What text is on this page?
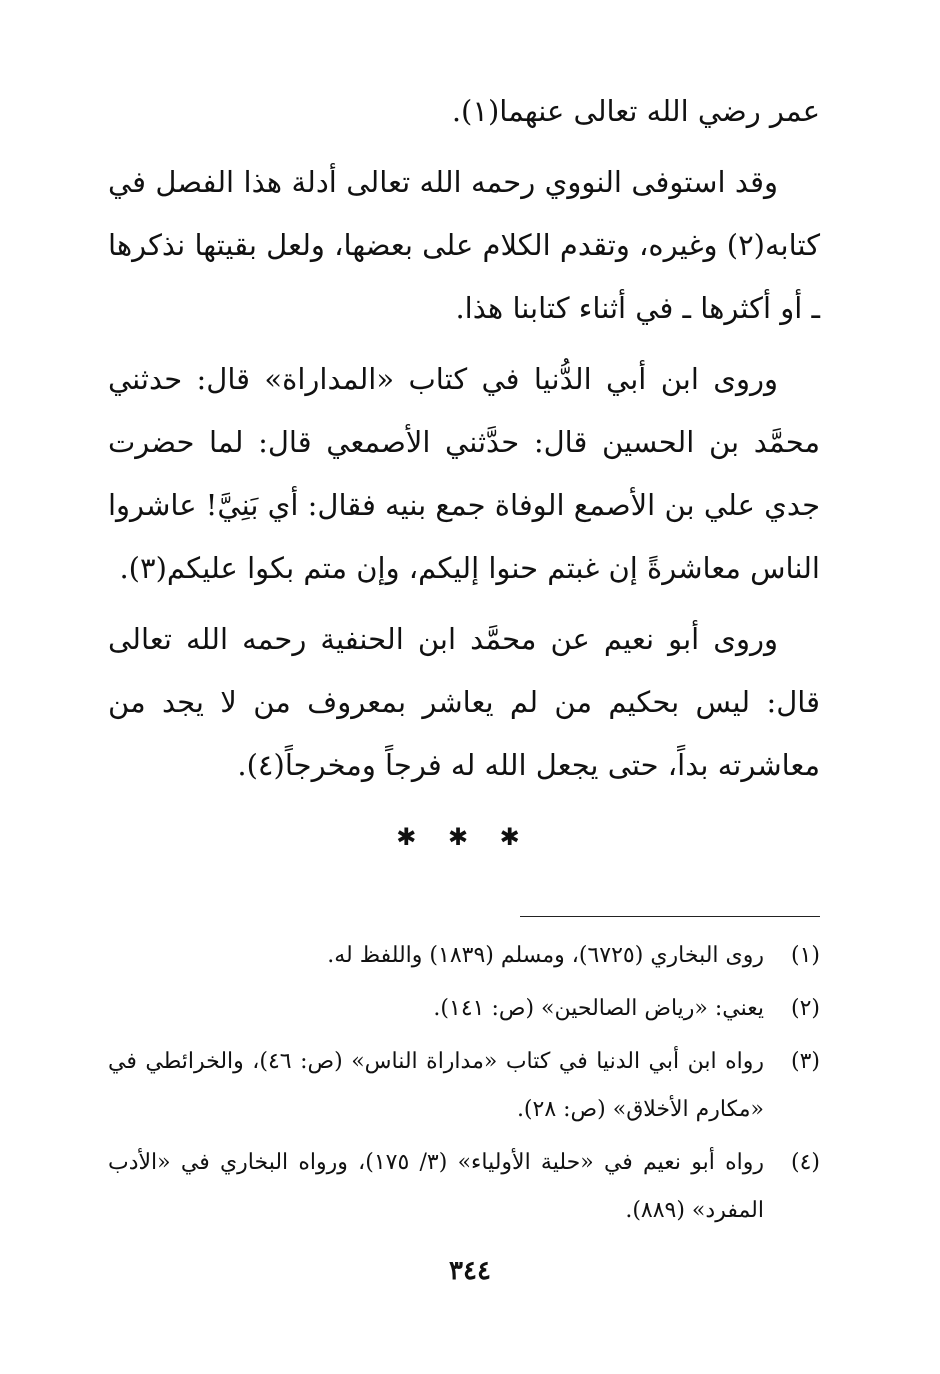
عمر رضي الله تعالى عنهما(١).

وقد استوفى النووي رحمه الله تعالى أدلة هذا الفصل في كتابه(٢) وغيره، وتقدم الكلام على بعضها، ولعل بقيتها نذكرها ـ أو أكثرها ـ في أثناء كتابنا هذا.

وروى ابن أبي الدُّنيا في كتاب «المداراة» قال: حدثني محمَّد بن الحسين قال: حدَّثني الأصمعي قال: لما حضرت جدي علي بن الأصمع الوفاة جمع بنيه فقال: أي بَنِيَّ! عاشروا الناس معاشرةً إن غبتم حنوا إليكم، وإن متم بكوا عليكم(٣).

وروى أبو نعيم عن محمَّد ابن الحنفية رحمه الله تعالى قال: ليس بحكيم من لم يعاشر بمعروف من لا يجد من معاشرته بداً، حتى يجعل الله له فرجاً ومخرجاً(٤).

✱ ✱ ✱
(١)
روى البخاري (٦٧٢٥)، ومسلم (١٨٣٩) واللفظ له.
(٢)
يعني: «رياض الصالحين» (ص: ١٤١).
(٣)
رواه ابن أبي الدنيا في كتاب «مداراة الناس» (ص: ٤٦)، والخرائطي في «مكارم الأخلاق» (ص: ٢٨).
(٤)
رواه أبو نعيم في «حلية الأولياء» (٣/ ١٧٥)، ورواه البخاري في «الأدب المفرد» (٨٨٩).
٣٤٤
